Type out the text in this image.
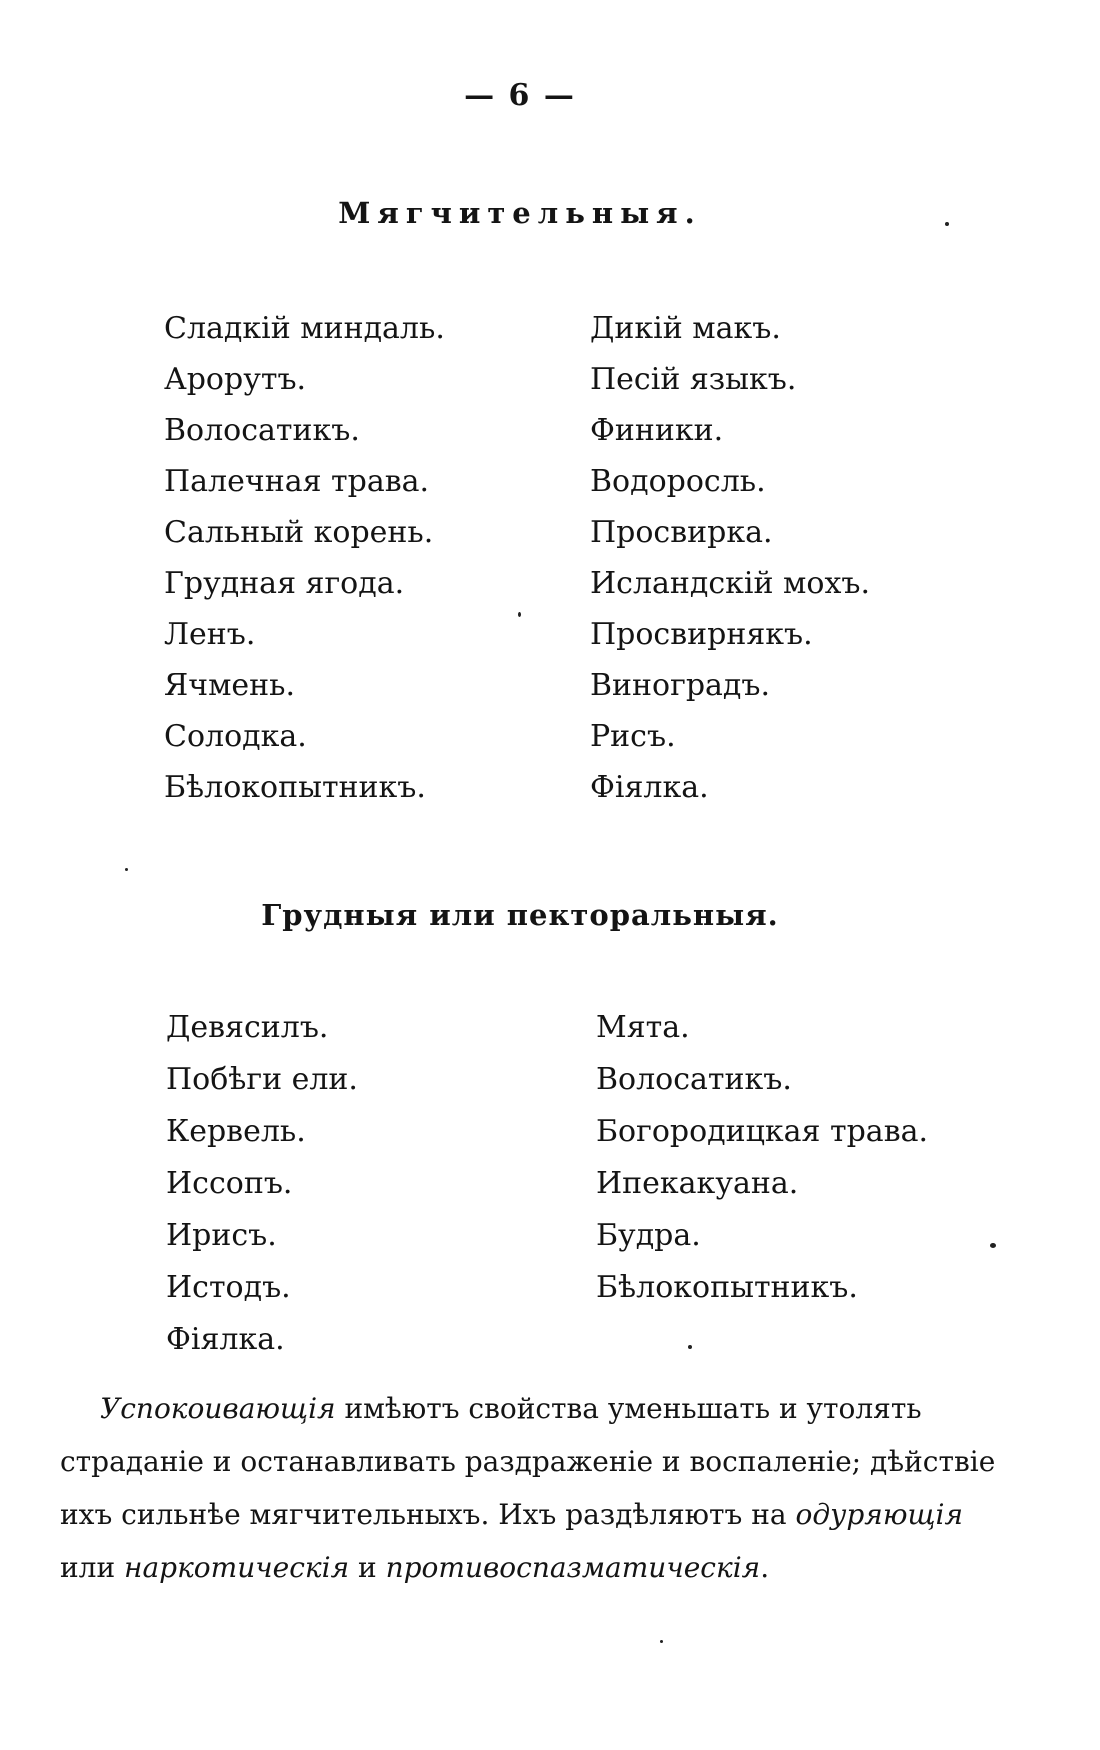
— 6 —
Мягчительныя.
Сладкій миндаль.
Арорутъ.
Волосатикъ.
Палечная трава.
Сальный корень.
Грудная ягода.
Ленъ.
Ячмень.
Солодка.
Бѣлокопытникъ.
Дикій макъ.
Песій языкъ.
Финики.
Водоросль.
Просвирка.
Исландскій мохъ.
Просвирнякъ.
Виноградъ.
Рисъ.
Фіялка.
Грудныя или пекторальныя.
Девясилъ.
Побѣги ели.
Кервель.
Иссопъ.
Ирисъ.
Истодъ.
Фіялка.
Мята.
Волосатикъ.
Богородицкая трава.
Ипекакуана.
Будра.
Бѣлокопытникъ.

Успокоивающія имѣютъ свойства уменьшать и утолять
страданіе и останавливать раздраженіе и воспаленіе; дѣйствіе
ихъ сильнѣе мягчительныхъ. Ихъ раздѣляютъ на одуряющія
или наркотическія и противоспазматическія.
